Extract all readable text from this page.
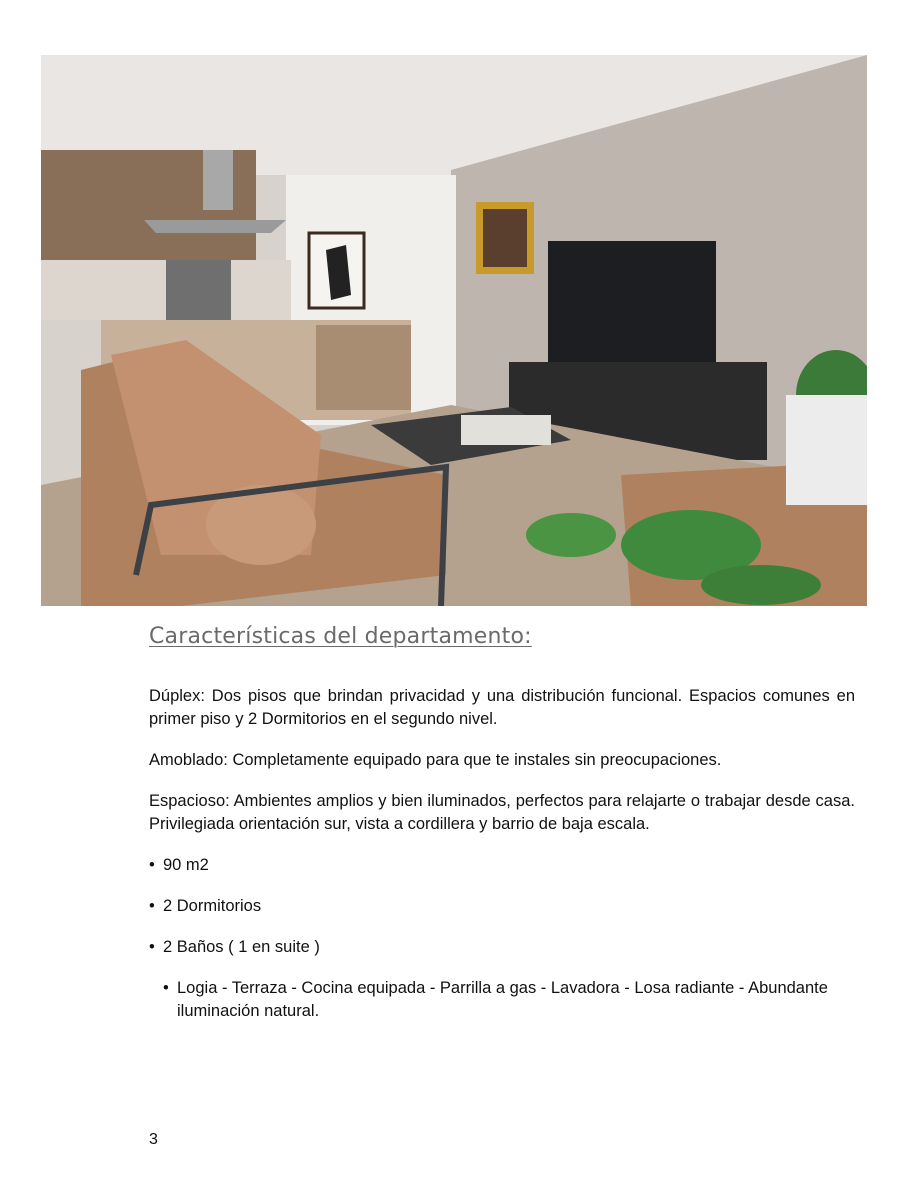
Características del departamento:

Dúplex: Dos pisos que brindan privacidad y una distribución funcional. Espacios comunes en primer piso y 2 Dormitorios en el segundo nivel.

Amoblado: Completamente equipado para que te instales sin preocupaciones.

Espacioso: Ambientes amplios y bien iluminados, perfectos para relajarte o trabajar desde casa. Privilegiada orientación sur, vista a cordillera y barrio de baja escala.

• 90 m2
• 2 Dormitorios
• 2 Baños ( 1 en suite )
• Logia - Terraza - Cocina equipada - Parrilla a gas - Lavadora - Losa radiante - Abundante iluminación natural.
3
